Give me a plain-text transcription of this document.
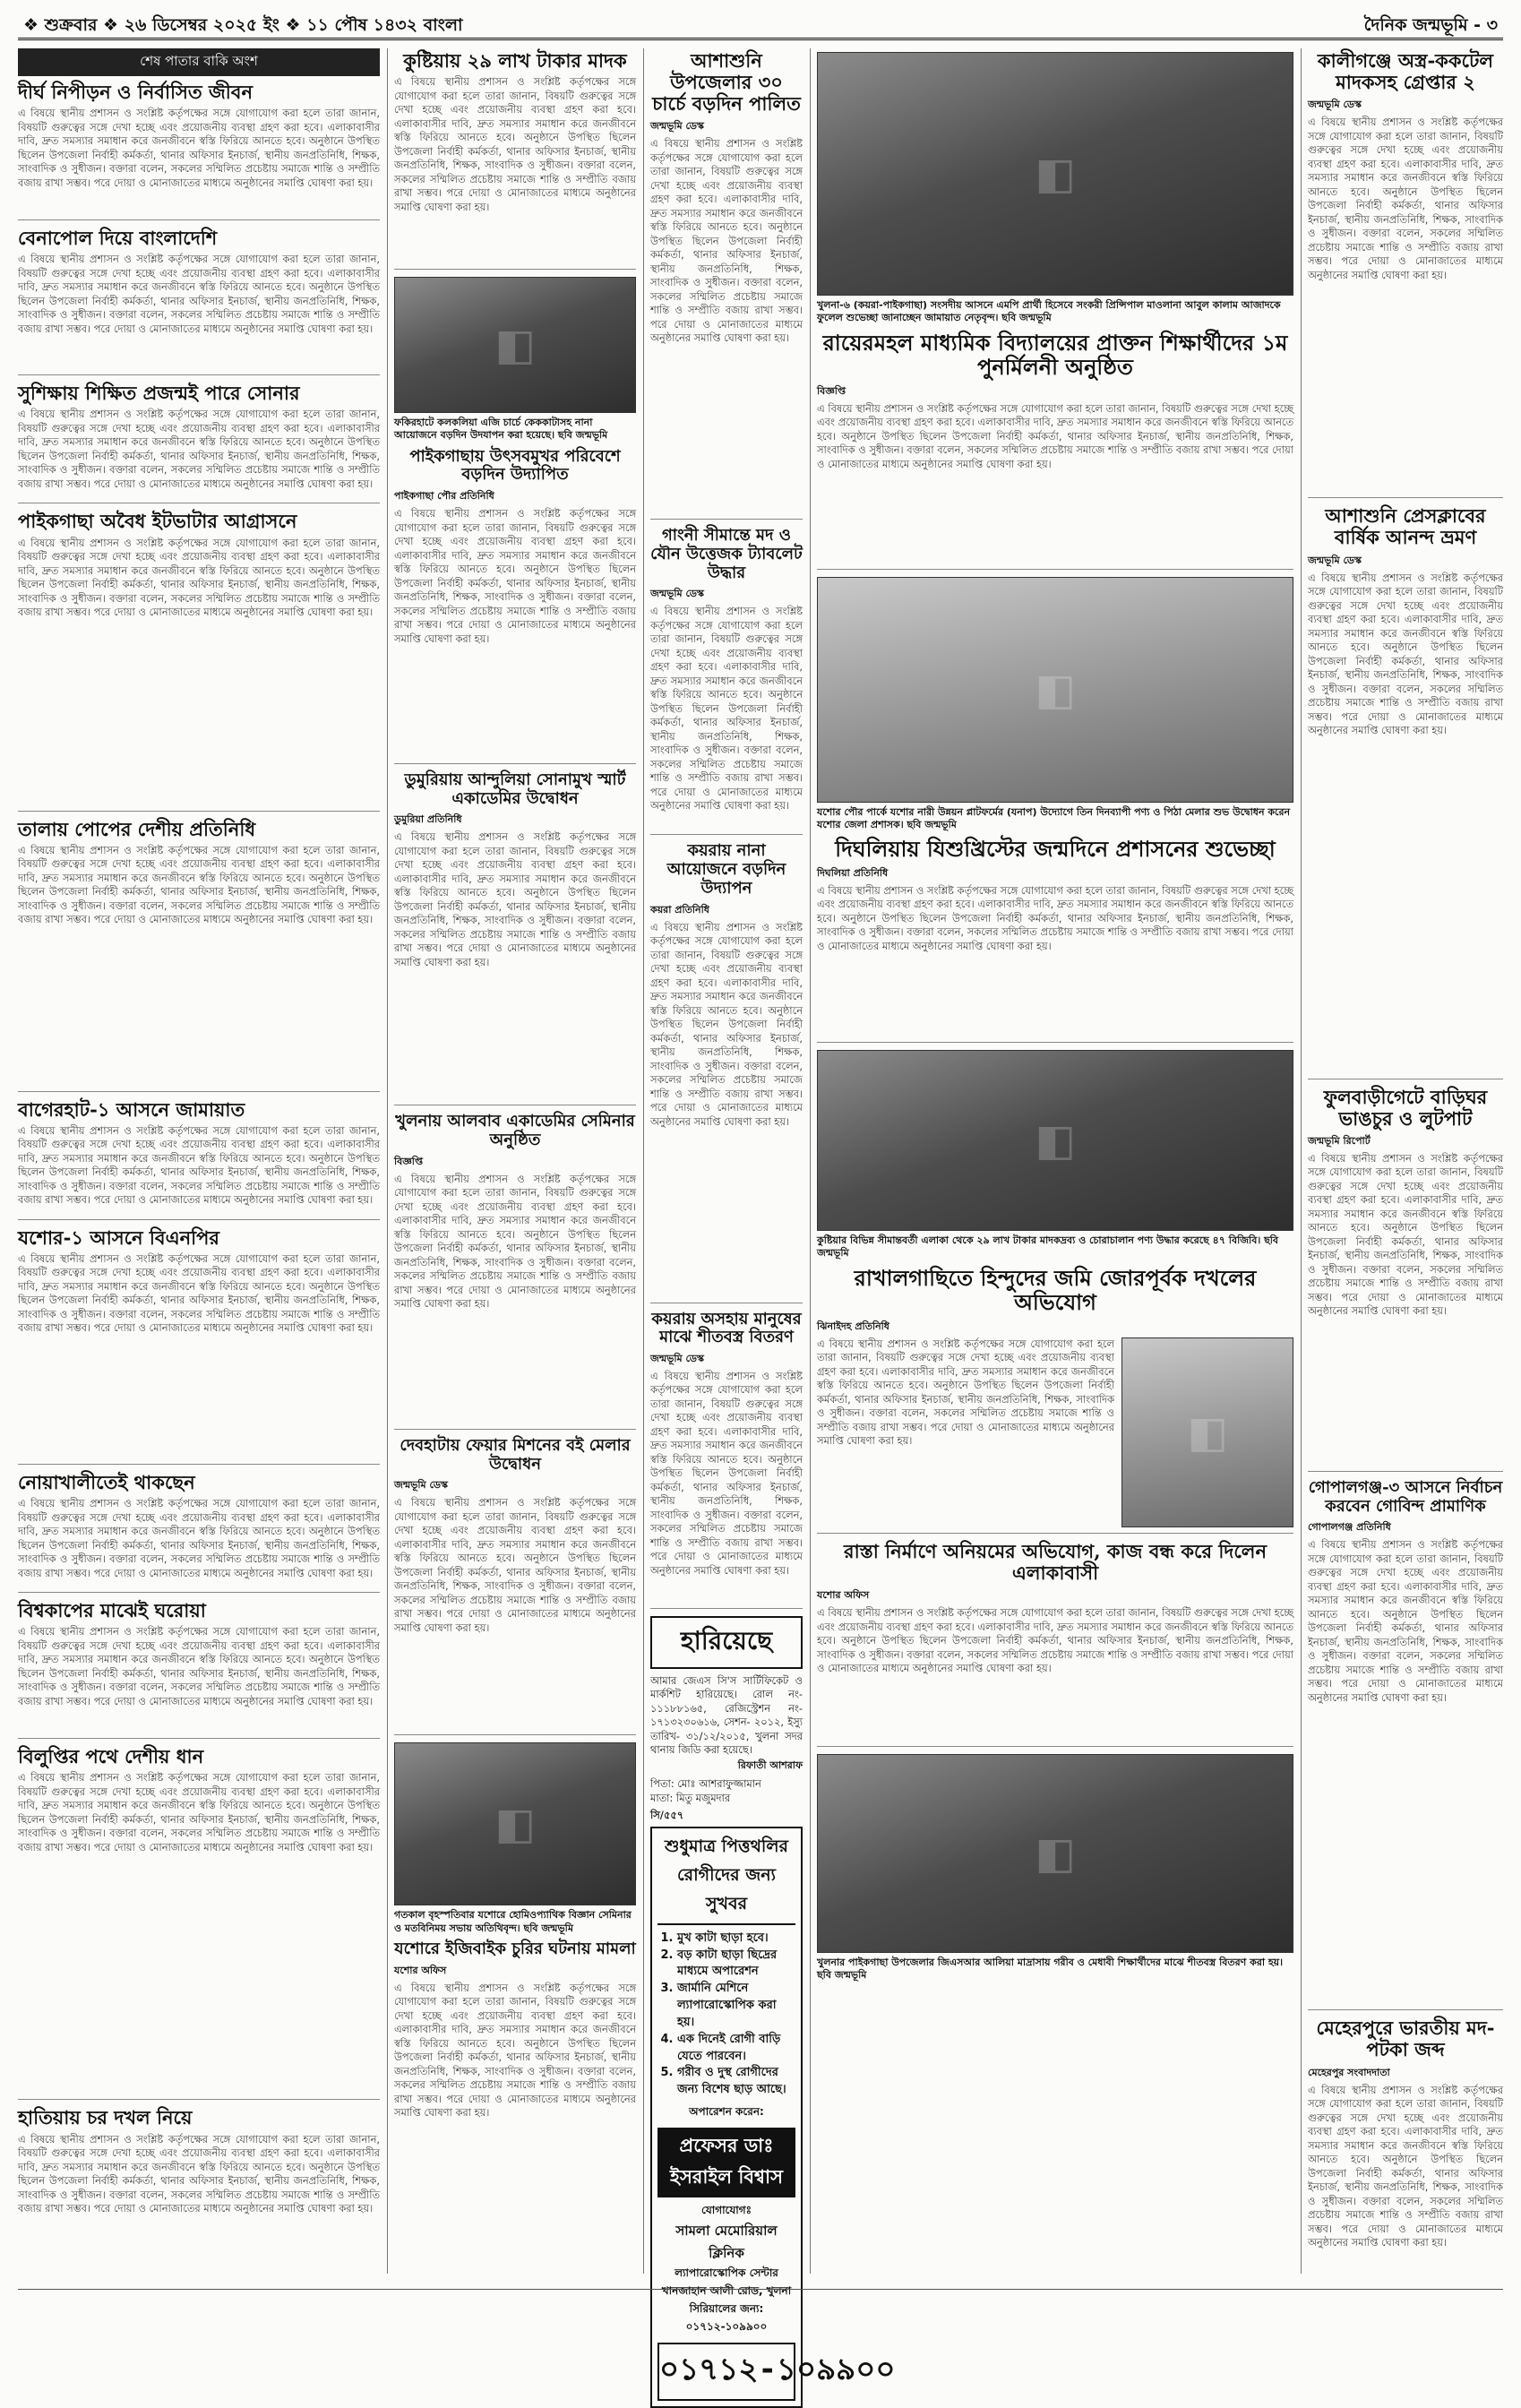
❖ শুক্রবার ❖ ২৬ ডিসেম্বর ২০২৫ ইং ❖ ১১ পৌষ ১৪৩২ বাংলা	দৈনিক জন্মভূমি - ৩
শেষ পাতার বাকি অংশ
দীর্ঘ নিপীড়ন ও নির্বাসিত জীবন
এ বিষয়ে স্থানীয় প্রশাসন ও সংশ্লিষ্ট কর্তৃপক্ষের সঙ্গে যোগাযোগ করা হলে তারা জানান, বিষয়টি গুরুত্বের সঙ্গে দেখা হচ্ছে এবং প্রয়োজনীয় ব্যবস্থা গ্রহণ করা হবে। এলাকাবাসীর দাবি, দ্রুত সমস্যার সমাধান করে জনজীবনে স্বস্তি ফিরিয়ে আনতে হবে। অনুষ্ঠানে উপস্থিত ছিলেন উপজেলা নির্বাহী কর্মকর্তা, থানার অফিসার ইনচার্জ, স্থানীয় জনপ্রতিনিধি, শিক্ষক, সাংবাদিক ও সুধীজন। বক্তারা বলেন, সকলের সম্মিলিত প্রচেষ্টায় সমাজে শান্তি ও সম্প্রীতি বজায় রাখা সম্ভব। পরে দোয়া ও মোনাজাতের মাধ্যমে অনুষ্ঠানের সমাপ্তি ঘোষণা করা হয়।
বেনাপোল দিয়ে বাংলাদেশি
এ বিষয়ে স্থানীয় প্রশাসন ও সংশ্লিষ্ট কর্তৃপক্ষের সঙ্গে যোগাযোগ করা হলে তারা জানান, বিষয়টি গুরুত্বের সঙ্গে দেখা হচ্ছে এবং প্রয়োজনীয় ব্যবস্থা গ্রহণ করা হবে। এলাকাবাসীর দাবি, দ্রুত সমস্যার সমাধান করে জনজীবনে স্বস্তি ফিরিয়ে আনতে হবে। অনুষ্ঠানে উপস্থিত ছিলেন উপজেলা নির্বাহী কর্মকর্তা, থানার অফিসার ইনচার্জ, স্থানীয় জনপ্রতিনিধি, শিক্ষক, সাংবাদিক ও সুধীজন। বক্তারা বলেন, সকলের সম্মিলিত প্রচেষ্টায় সমাজে শান্তি ও সম্প্রীতি বজায় রাখা সম্ভব। পরে দোয়া ও মোনাজাতের মাধ্যমে অনুষ্ঠানের সমাপ্তি ঘোষণা করা হয়।
সুশিক্ষায় শিক্ষিত প্রজন্মই পারে সোনার
এ বিষয়ে স্থানীয় প্রশাসন ও সংশ্লিষ্ট কর্তৃপক্ষের সঙ্গে যোগাযোগ করা হলে তারা জানান, বিষয়টি গুরুত্বের সঙ্গে দেখা হচ্ছে এবং প্রয়োজনীয় ব্যবস্থা গ্রহণ করা হবে। এলাকাবাসীর দাবি, দ্রুত সমস্যার সমাধান করে জনজীবনে স্বস্তি ফিরিয়ে আনতে হবে। অনুষ্ঠানে উপস্থিত ছিলেন উপজেলা নির্বাহী কর্মকর্তা, থানার অফিসার ইনচার্জ, স্থানীয় জনপ্রতিনিধি, শিক্ষক, সাংবাদিক ও সুধীজন। বক্তারা বলেন, সকলের সম্মিলিত প্রচেষ্টায় সমাজে শান্তি ও সম্প্রীতি বজায় রাখা সম্ভব। পরে দোয়া ও মোনাজাতের মাধ্যমে অনুষ্ঠানের সমাপ্তি ঘোষণা করা হয়।
পাইকগাছা অবৈধ ইটভাটার আগ্রাসনে
এ বিষয়ে স্থানীয় প্রশাসন ও সংশ্লিষ্ট কর্তৃপক্ষের সঙ্গে যোগাযোগ করা হলে তারা জানান, বিষয়টি গুরুত্বের সঙ্গে দেখা হচ্ছে এবং প্রয়োজনীয় ব্যবস্থা গ্রহণ করা হবে। এলাকাবাসীর দাবি, দ্রুত সমস্যার সমাধান করে জনজীবনে স্বস্তি ফিরিয়ে আনতে হবে। অনুষ্ঠানে উপস্থিত ছিলেন উপজেলা নির্বাহী কর্মকর্তা, থানার অফিসার ইনচার্জ, স্থানীয় জনপ্রতিনিধি, শিক্ষক, সাংবাদিক ও সুধীজন। বক্তারা বলেন, সকলের সম্মিলিত প্রচেষ্টায় সমাজে শান্তি ও সম্প্রীতি বজায় রাখা সম্ভব। পরে দোয়া ও মোনাজাতের মাধ্যমে অনুষ্ঠানের সমাপ্তি ঘোষণা করা হয়।
তালায় পোপের দেশীয় প্রতিনিধি
এ বিষয়ে স্থানীয় প্রশাসন ও সংশ্লিষ্ট কর্তৃপক্ষের সঙ্গে যোগাযোগ করা হলে তারা জানান, বিষয়টি গুরুত্বের সঙ্গে দেখা হচ্ছে এবং প্রয়োজনীয় ব্যবস্থা গ্রহণ করা হবে। এলাকাবাসীর দাবি, দ্রুত সমস্যার সমাধান করে জনজীবনে স্বস্তি ফিরিয়ে আনতে হবে। অনুষ্ঠানে উপস্থিত ছিলেন উপজেলা নির্বাহী কর্মকর্তা, থানার অফিসার ইনচার্জ, স্থানীয় জনপ্রতিনিধি, শিক্ষক, সাংবাদিক ও সুধীজন। বক্তারা বলেন, সকলের সম্মিলিত প্রচেষ্টায় সমাজে শান্তি ও সম্প্রীতি বজায় রাখা সম্ভব। পরে দোয়া ও মোনাজাতের মাধ্যমে অনুষ্ঠানের সমাপ্তি ঘোষণা করা হয়।
বাগেরহাট-১ আসনে জামায়াত
এ বিষয়ে স্থানীয় প্রশাসন ও সংশ্লিষ্ট কর্তৃপক্ষের সঙ্গে যোগাযোগ করা হলে তারা জানান, বিষয়টি গুরুত্বের সঙ্গে দেখা হচ্ছে এবং প্রয়োজনীয় ব্যবস্থা গ্রহণ করা হবে। এলাকাবাসীর দাবি, দ্রুত সমস্যার সমাধান করে জনজীবনে স্বস্তি ফিরিয়ে আনতে হবে। অনুষ্ঠানে উপস্থিত ছিলেন উপজেলা নির্বাহী কর্মকর্তা, থানার অফিসার ইনচার্জ, স্থানীয় জনপ্রতিনিধি, শিক্ষক, সাংবাদিক ও সুধীজন। বক্তারা বলেন, সকলের সম্মিলিত প্রচেষ্টায় সমাজে শান্তি ও সম্প্রীতি বজায় রাখা সম্ভব। পরে দোয়া ও মোনাজাতের মাধ্যমে অনুষ্ঠানের সমাপ্তি ঘোষণা করা হয়।
যশোর-১ আসনে বিএনপির
এ বিষয়ে স্থানীয় প্রশাসন ও সংশ্লিষ্ট কর্তৃপক্ষের সঙ্গে যোগাযোগ করা হলে তারা জানান, বিষয়টি গুরুত্বের সঙ্গে দেখা হচ্ছে এবং প্রয়োজনীয় ব্যবস্থা গ্রহণ করা হবে। এলাকাবাসীর দাবি, দ্রুত সমস্যার সমাধান করে জনজীবনে স্বস্তি ফিরিয়ে আনতে হবে। অনুষ্ঠানে উপস্থিত ছিলেন উপজেলা নির্বাহী কর্মকর্তা, থানার অফিসার ইনচার্জ, স্থানীয় জনপ্রতিনিধি, শিক্ষক, সাংবাদিক ও সুধীজন। বক্তারা বলেন, সকলের সম্মিলিত প্রচেষ্টায় সমাজে শান্তি ও সম্প্রীতি বজায় রাখা সম্ভব। পরে দোয়া ও মোনাজাতের মাধ্যমে অনুষ্ঠানের সমাপ্তি ঘোষণা করা হয়।
নোয়াখালীতেই থাকছেন
এ বিষয়ে স্থানীয় প্রশাসন ও সংশ্লিষ্ট কর্তৃপক্ষের সঙ্গে যোগাযোগ করা হলে তারা জানান, বিষয়টি গুরুত্বের সঙ্গে দেখা হচ্ছে এবং প্রয়োজনীয় ব্যবস্থা গ্রহণ করা হবে। এলাকাবাসীর দাবি, দ্রুত সমস্যার সমাধান করে জনজীবনে স্বস্তি ফিরিয়ে আনতে হবে। অনুষ্ঠানে উপস্থিত ছিলেন উপজেলা নির্বাহী কর্মকর্তা, থানার অফিসার ইনচার্জ, স্থানীয় জনপ্রতিনিধি, শিক্ষক, সাংবাদিক ও সুধীজন। বক্তারা বলেন, সকলের সম্মিলিত প্রচেষ্টায় সমাজে শান্তি ও সম্প্রীতি বজায় রাখা সম্ভব। পরে দোয়া ও মোনাজাতের মাধ্যমে অনুষ্ঠানের সমাপ্তি ঘোষণা করা হয়।
বিশ্বকাপের মাঝেই ঘরোয়া
এ বিষয়ে স্থানীয় প্রশাসন ও সংশ্লিষ্ট কর্তৃপক্ষের সঙ্গে যোগাযোগ করা হলে তারা জানান, বিষয়টি গুরুত্বের সঙ্গে দেখা হচ্ছে এবং প্রয়োজনীয় ব্যবস্থা গ্রহণ করা হবে। এলাকাবাসীর দাবি, দ্রুত সমস্যার সমাধান করে জনজীবনে স্বস্তি ফিরিয়ে আনতে হবে। অনুষ্ঠানে উপস্থিত ছিলেন উপজেলা নির্বাহী কর্মকর্তা, থানার অফিসার ইনচার্জ, স্থানীয় জনপ্রতিনিধি, শিক্ষক, সাংবাদিক ও সুধীজন। বক্তারা বলেন, সকলের সম্মিলিত প্রচেষ্টায় সমাজে শান্তি ও সম্প্রীতি বজায় রাখা সম্ভব। পরে দোয়া ও মোনাজাতের মাধ্যমে অনুষ্ঠানের সমাপ্তি ঘোষণা করা হয়।
বিলুপ্তির পথে দেশীয় ধান
এ বিষয়ে স্থানীয় প্রশাসন ও সংশ্লিষ্ট কর্তৃপক্ষের সঙ্গে যোগাযোগ করা হলে তারা জানান, বিষয়টি গুরুত্বের সঙ্গে দেখা হচ্ছে এবং প্রয়োজনীয় ব্যবস্থা গ্রহণ করা হবে। এলাকাবাসীর দাবি, দ্রুত সমস্যার সমাধান করে জনজীবনে স্বস্তি ফিরিয়ে আনতে হবে। অনুষ্ঠানে উপস্থিত ছিলেন উপজেলা নির্বাহী কর্মকর্তা, থানার অফিসার ইনচার্জ, স্থানীয় জনপ্রতিনিধি, শিক্ষক, সাংবাদিক ও সুধীজন। বক্তারা বলেন, সকলের সম্মিলিত প্রচেষ্টায় সমাজে শান্তি ও সম্প্রীতি বজায় রাখা সম্ভব। পরে দোয়া ও মোনাজাতের মাধ্যমে অনুষ্ঠানের সমাপ্তি ঘোষণা করা হয়।
হাতিয়ায় চর দখল নিয়ে
এ বিষয়ে স্থানীয় প্রশাসন ও সংশ্লিষ্ট কর্তৃপক্ষের সঙ্গে যোগাযোগ করা হলে তারা জানান, বিষয়টি গুরুত্বের সঙ্গে দেখা হচ্ছে এবং প্রয়োজনীয় ব্যবস্থা গ্রহণ করা হবে। এলাকাবাসীর দাবি, দ্রুত সমস্যার সমাধান করে জনজীবনে স্বস্তি ফিরিয়ে আনতে হবে। অনুষ্ঠানে উপস্থিত ছিলেন উপজেলা নির্বাহী কর্মকর্তা, থানার অফিসার ইনচার্জ, স্থানীয় জনপ্রতিনিধি, শিক্ষক, সাংবাদিক ও সুধীজন। বক্তারা বলেন, সকলের সম্মিলিত প্রচেষ্টায় সমাজে শান্তি ও সম্প্রীতি বজায় রাখা সম্ভব। পরে দোয়া ও মোনাজাতের মাধ্যমে অনুষ্ঠানের সমাপ্তি ঘোষণা করা হয়।
কুষ্টিয়ায় ২৯ লাখ টাকার মাদক
এ বিষয়ে স্থানীয় প্রশাসন ও সংশ্লিষ্ট কর্তৃপক্ষের সঙ্গে যোগাযোগ করা হলে তারা জানান, বিষয়টি গুরুত্বের সঙ্গে দেখা হচ্ছে এবং প্রয়োজনীয় ব্যবস্থা গ্রহণ করা হবে। এলাকাবাসীর দাবি, দ্রুত সমস্যার সমাধান করে জনজীবনে স্বস্তি ফিরিয়ে আনতে হবে। অনুষ্ঠানে উপস্থিত ছিলেন উপজেলা নির্বাহী কর্মকর্তা, থানার অফিসার ইনচার্জ, স্থানীয় জনপ্রতিনিধি, শিক্ষক, সাংবাদিক ও সুধীজন। বক্তারা বলেন, সকলের সম্মিলিত প্রচেষ্টায় সমাজে শান্তি ও সম্প্রীতি বজায় রাখা সম্ভব। পরে দোয়া ও মোনাজাতের মাধ্যমে অনুষ্ঠানের সমাপ্তি ঘোষণা করা হয়।
◧
ফকিরহাটে কলকলিয়া এজি চার্চে কেককাটাসহ নানা আয়োজনে বড়দিন উদযাপন করা হয়েছে। ছবি জন্মভূমি
পাইকগাছায় উৎসবমুখর পরিবেশে বড়দিন উদ্যাপিত
পাইকগাছা পৌর প্রতিনিধি
এ বিষয়ে স্থানীয় প্রশাসন ও সংশ্লিষ্ট কর্তৃপক্ষের সঙ্গে যোগাযোগ করা হলে তারা জানান, বিষয়টি গুরুত্বের সঙ্গে দেখা হচ্ছে এবং প্রয়োজনীয় ব্যবস্থা গ্রহণ করা হবে। এলাকাবাসীর দাবি, দ্রুত সমস্যার সমাধান করে জনজীবনে স্বস্তি ফিরিয়ে আনতে হবে। অনুষ্ঠানে উপস্থিত ছিলেন উপজেলা নির্বাহী কর্মকর্তা, থানার অফিসার ইনচার্জ, স্থানীয় জনপ্রতিনিধি, শিক্ষক, সাংবাদিক ও সুধীজন। বক্তারা বলেন, সকলের সম্মিলিত প্রচেষ্টায় সমাজে শান্তি ও সম্প্রীতি বজায় রাখা সম্ভব। পরে দোয়া ও মোনাজাতের মাধ্যমে অনুষ্ঠানের সমাপ্তি ঘোষণা করা হয়।
ডুমুরিয়ায় আন্দুলিয়া সোনামুখ স্মার্ট একাডেমির উদ্বোধন
ডুমুরিয়া প্রতিনিধি
এ বিষয়ে স্থানীয় প্রশাসন ও সংশ্লিষ্ট কর্তৃপক্ষের সঙ্গে যোগাযোগ করা হলে তারা জানান, বিষয়টি গুরুত্বের সঙ্গে দেখা হচ্ছে এবং প্রয়োজনীয় ব্যবস্থা গ্রহণ করা হবে। এলাকাবাসীর দাবি, দ্রুত সমস্যার সমাধান করে জনজীবনে স্বস্তি ফিরিয়ে আনতে হবে। অনুষ্ঠানে উপস্থিত ছিলেন উপজেলা নির্বাহী কর্মকর্তা, থানার অফিসার ইনচার্জ, স্থানীয় জনপ্রতিনিধি, শিক্ষক, সাংবাদিক ও সুধীজন। বক্তারা বলেন, সকলের সম্মিলিত প্রচেষ্টায় সমাজে শান্তি ও সম্প্রীতি বজায় রাখা সম্ভব। পরে দোয়া ও মোনাজাতের মাধ্যমে অনুষ্ঠানের সমাপ্তি ঘোষণা করা হয়।
খুলনায় আলবাব একাডেমির সেমিনার অনুষ্ঠিত
বিজ্ঞপ্তি
এ বিষয়ে স্থানীয় প্রশাসন ও সংশ্লিষ্ট কর্তৃপক্ষের সঙ্গে যোগাযোগ করা হলে তারা জানান, বিষয়টি গুরুত্বের সঙ্গে দেখা হচ্ছে এবং প্রয়োজনীয় ব্যবস্থা গ্রহণ করা হবে। এলাকাবাসীর দাবি, দ্রুত সমস্যার সমাধান করে জনজীবনে স্বস্তি ফিরিয়ে আনতে হবে। অনুষ্ঠানে উপস্থিত ছিলেন উপজেলা নির্বাহী কর্মকর্তা, থানার অফিসার ইনচার্জ, স্থানীয় জনপ্রতিনিধি, শিক্ষক, সাংবাদিক ও সুধীজন। বক্তারা বলেন, সকলের সম্মিলিত প্রচেষ্টায় সমাজে শান্তি ও সম্প্রীতি বজায় রাখা সম্ভব। পরে দোয়া ও মোনাজাতের মাধ্যমে অনুষ্ঠানের সমাপ্তি ঘোষণা করা হয়।
দেবহাটায় ফেয়ার মিশনের বই মেলার উদ্বোধন
জন্মভূমি ডেস্ক
এ বিষয়ে স্থানীয় প্রশাসন ও সংশ্লিষ্ট কর্তৃপক্ষের সঙ্গে যোগাযোগ করা হলে তারা জানান, বিষয়টি গুরুত্বের সঙ্গে দেখা হচ্ছে এবং প্রয়োজনীয় ব্যবস্থা গ্রহণ করা হবে। এলাকাবাসীর দাবি, দ্রুত সমস্যার সমাধান করে জনজীবনে স্বস্তি ফিরিয়ে আনতে হবে। অনুষ্ঠানে উপস্থিত ছিলেন উপজেলা নির্বাহী কর্মকর্তা, থানার অফিসার ইনচার্জ, স্থানীয় জনপ্রতিনিধি, শিক্ষক, সাংবাদিক ও সুধীজন। বক্তারা বলেন, সকলের সম্মিলিত প্রচেষ্টায় সমাজে শান্তি ও সম্প্রীতি বজায় রাখা সম্ভব। পরে দোয়া ও মোনাজাতের মাধ্যমে অনুষ্ঠানের সমাপ্তি ঘোষণা করা হয়।
◧
গতকাল বৃহস্পতিবার যশোরে হোমিওপ্যাথিক বিজ্ঞান সেমিনার ও মতবিনিময় সভায় অতিথিবৃন্দ। ছবি জন্মভূমি
যশোরে ইজিবাইক চুরির ঘটনায় মামলা
যশোর অফিস
এ বিষয়ে স্থানীয় প্রশাসন ও সংশ্লিষ্ট কর্তৃপক্ষের সঙ্গে যোগাযোগ করা হলে তারা জানান, বিষয়টি গুরুত্বের সঙ্গে দেখা হচ্ছে এবং প্রয়োজনীয় ব্যবস্থা গ্রহণ করা হবে। এলাকাবাসীর দাবি, দ্রুত সমস্যার সমাধান করে জনজীবনে স্বস্তি ফিরিয়ে আনতে হবে। অনুষ্ঠানে উপস্থিত ছিলেন উপজেলা নির্বাহী কর্মকর্তা, থানার অফিসার ইনচার্জ, স্থানীয় জনপ্রতিনিধি, শিক্ষক, সাংবাদিক ও সুধীজন। বক্তারা বলেন, সকলের সম্মিলিত প্রচেষ্টায় সমাজে শান্তি ও সম্প্রীতি বজায় রাখা সম্ভব। পরে দোয়া ও মোনাজাতের মাধ্যমে অনুষ্ঠানের সমাপ্তি ঘোষণা করা হয়।
আশাশুনি উপজেলার ৩০ চার্চে বড়দিন পালিত
জন্মভূমি ডেস্ক
এ বিষয়ে স্থানীয় প্রশাসন ও সংশ্লিষ্ট কর্তৃপক্ষের সঙ্গে যোগাযোগ করা হলে তারা জানান, বিষয়টি গুরুত্বের সঙ্গে দেখা হচ্ছে এবং প্রয়োজনীয় ব্যবস্থা গ্রহণ করা হবে। এলাকাবাসীর দাবি, দ্রুত সমস্যার সমাধান করে জনজীবনে স্বস্তি ফিরিয়ে আনতে হবে। অনুষ্ঠানে উপস্থিত ছিলেন উপজেলা নির্বাহী কর্মকর্তা, থানার অফিসার ইনচার্জ, স্থানীয় জনপ্রতিনিধি, শিক্ষক, সাংবাদিক ও সুধীজন। বক্তারা বলেন, সকলের সম্মিলিত প্রচেষ্টায় সমাজে শান্তি ও সম্প্রীতি বজায় রাখা সম্ভব। পরে দোয়া ও মোনাজাতের মাধ্যমে অনুষ্ঠানের সমাপ্তি ঘোষণা করা হয়।
গাংনী সীমান্তে মদ ও যৌন উত্তেজক ট্যাবলেট উদ্ধার
জন্মভূমি ডেস্ক
এ বিষয়ে স্থানীয় প্রশাসন ও সংশ্লিষ্ট কর্তৃপক্ষের সঙ্গে যোগাযোগ করা হলে তারা জানান, বিষয়টি গুরুত্বের সঙ্গে দেখা হচ্ছে এবং প্রয়োজনীয় ব্যবস্থা গ্রহণ করা হবে। এলাকাবাসীর দাবি, দ্রুত সমস্যার সমাধান করে জনজীবনে স্বস্তি ফিরিয়ে আনতে হবে। অনুষ্ঠানে উপস্থিত ছিলেন উপজেলা নির্বাহী কর্মকর্তা, থানার অফিসার ইনচার্জ, স্থানীয় জনপ্রতিনিধি, শিক্ষক, সাংবাদিক ও সুধীজন। বক্তারা বলেন, সকলের সম্মিলিত প্রচেষ্টায় সমাজে শান্তি ও সম্প্রীতি বজায় রাখা সম্ভব। পরে দোয়া ও মোনাজাতের মাধ্যমে অনুষ্ঠানের সমাপ্তি ঘোষণা করা হয়।
কয়রায় নানা আয়োজনে বড়দিন উদ্যাপন
কয়রা প্রতিনিধি
এ বিষয়ে স্থানীয় প্রশাসন ও সংশ্লিষ্ট কর্তৃপক্ষের সঙ্গে যোগাযোগ করা হলে তারা জানান, বিষয়টি গুরুত্বের সঙ্গে দেখা হচ্ছে এবং প্রয়োজনীয় ব্যবস্থা গ্রহণ করা হবে। এলাকাবাসীর দাবি, দ্রুত সমস্যার সমাধান করে জনজীবনে স্বস্তি ফিরিয়ে আনতে হবে। অনুষ্ঠানে উপস্থিত ছিলেন উপজেলা নির্বাহী কর্মকর্তা, থানার অফিসার ইনচার্জ, স্থানীয় জনপ্রতিনিধি, শিক্ষক, সাংবাদিক ও সুধীজন। বক্তারা বলেন, সকলের সম্মিলিত প্রচেষ্টায় সমাজে শান্তি ও সম্প্রীতি বজায় রাখা সম্ভব। পরে দোয়া ও মোনাজাতের মাধ্যমে অনুষ্ঠানের সমাপ্তি ঘোষণা করা হয়।
কয়রায় অসহায় মানুষের মাঝে শীতবস্ত্র বিতরণ
জন্মভূমি ডেস্ক
এ বিষয়ে স্থানীয় প্রশাসন ও সংশ্লিষ্ট কর্তৃপক্ষের সঙ্গে যোগাযোগ করা হলে তারা জানান, বিষয়টি গুরুত্বের সঙ্গে দেখা হচ্ছে এবং প্রয়োজনীয় ব্যবস্থা গ্রহণ করা হবে। এলাকাবাসীর দাবি, দ্রুত সমস্যার সমাধান করে জনজীবনে স্বস্তি ফিরিয়ে আনতে হবে। অনুষ্ঠানে উপস্থিত ছিলেন উপজেলা নির্বাহী কর্মকর্তা, থানার অফিসার ইনচার্জ, স্থানীয় জনপ্রতিনিধি, শিক্ষক, সাংবাদিক ও সুধীজন। বক্তারা বলেন, সকলের সম্মিলিত প্রচেষ্টায় সমাজে শান্তি ও সম্প্রীতি বজায় রাখা সম্ভব। পরে দোয়া ও মোনাজাতের মাধ্যমে অনুষ্ঠানের সমাপ্তি ঘোষণা করা হয়।
হারিয়েছে
আমার জেএস সি'স সার্টিফিকেট ও মার্কশিট হারিয়েছে। রোল নং- ১১১৮৮১৬৫, রেজিস্ট্রেশন নং- ১৭১৩২৩০৬১৬, সেশন- ২০১২, ইস্যু তারিখ- ৩১/১২/২০১৫, খুলনা সদর থানায় জিডি করা হয়েছে।
রিফাতী আশরাফ
পিতা: মোঃ আশরাফুজ্জামান
মাতা: মিতু মজুমদার
সি/৫৫৭
শুধুমাত্র পিত্তথলির রোগীদের জন্য সুখবর
1. মুখ কাটা ছাড়া হবে।
2. বড় কাটা ছাড়া ছিদ্রের মাধ্যমে অপারেশন
3. জার্মানি মেশিনে ল্যাপারোস্কোপিক করা হয়।
4. এক দিনেই রোগী বাড়ি যেতে পারবেন।
5. গরীব ও দুস্থ রোগীদের জন্য বিশেষ ছাড় আছে।
অপারেশন করেন:
প্রফেসর ডাঃ ইসরাইল বিশ্বাস
যোগাযোগঃ
সামলা মেমোরিয়াল ক্লিনিক
ল্যাপারোস্কোপিক সেন্টার
খানজাহান আলী রোড, খুলনা
সিরিয়ালের জন্য: ০১৭১২-১০৯৯০০
০১৭১২-১০৯৯০০
◧
খুলনা-৬ (কয়রা-পাইকগাছা) সংসদীয় আসনে এমপি প্রার্থী হিসেবে সংকরী প্রিন্সিপাল মাওলানা আবুল কালাম আজাদকে ফুলেল শুভেচ্ছা জানাচ্ছেন জামায়াত নেতৃবৃন্দ। ছবি জন্মভূমি
রায়েরমহল মাধ্যমিক বিদ্যালয়ের প্রাক্তন শিক্ষার্থীদের ১ম পুনর্মিলনী অনুষ্ঠিত
বিজ্ঞপ্তি
এ বিষয়ে স্থানীয় প্রশাসন ও সংশ্লিষ্ট কর্তৃপক্ষের সঙ্গে যোগাযোগ করা হলে তারা জানান, বিষয়টি গুরুত্বের সঙ্গে দেখা হচ্ছে এবং প্রয়োজনীয় ব্যবস্থা গ্রহণ করা হবে। এলাকাবাসীর দাবি, দ্রুত সমস্যার সমাধান করে জনজীবনে স্বস্তি ফিরিয়ে আনতে হবে। অনুষ্ঠানে উপস্থিত ছিলেন উপজেলা নির্বাহী কর্মকর্তা, থানার অফিসার ইনচার্জ, স্থানীয় জনপ্রতিনিধি, শিক্ষক, সাংবাদিক ও সুধীজন। বক্তারা বলেন, সকলের সম্মিলিত প্রচেষ্টায় সমাজে শান্তি ও সম্প্রীতি বজায় রাখা সম্ভব। পরে দোয়া ও মোনাজাতের মাধ্যমে অনুষ্ঠানের সমাপ্তি ঘোষণা করা হয়।
◧
যশোর পৌর পার্কে যশোর নারী উন্নয়ন প্লাটফর্মের (যনাপ) উদ্যোগে তিন দিনব্যাপী পণ্য ও পিঠা মেলার শুভ উদ্বোধন করেন যশোর জেলা প্রশাসক। ছবি জন্মভূমি
দিঘলিয়ায় যিশুখ্রিস্টের জন্মদিনে প্রশাসনের শুভেচ্ছা
দিঘলিয়া প্রতিনিধি
এ বিষয়ে স্থানীয় প্রশাসন ও সংশ্লিষ্ট কর্তৃপক্ষের সঙ্গে যোগাযোগ করা হলে তারা জানান, বিষয়টি গুরুত্বের সঙ্গে দেখা হচ্ছে এবং প্রয়োজনীয় ব্যবস্থা গ্রহণ করা হবে। এলাকাবাসীর দাবি, দ্রুত সমস্যার সমাধান করে জনজীবনে স্বস্তি ফিরিয়ে আনতে হবে। অনুষ্ঠানে উপস্থিত ছিলেন উপজেলা নির্বাহী কর্মকর্তা, থানার অফিসার ইনচার্জ, স্থানীয় জনপ্রতিনিধি, শিক্ষক, সাংবাদিক ও সুধীজন। বক্তারা বলেন, সকলের সম্মিলিত প্রচেষ্টায় সমাজে শান্তি ও সম্প্রীতি বজায় রাখা সম্ভব। পরে দোয়া ও মোনাজাতের মাধ্যমে অনুষ্ঠানের সমাপ্তি ঘোষণা করা হয়।
◧
কুষ্টিয়ার বিভিন্ন সীমান্তবর্তী এলাকা থেকে ২৯ লাখ টাকার মাদকদ্রব্য ও চোরাচালান পণ্য উদ্ধার করেছে ৪৭ বিজিবি। ছবি জন্মভূমি
রাখালগাছিতে হিন্দুদের জমি জোরপূর্বক দখলের অভিযোগ
ঝিনাইদহ প্রতিনিধি
এ বিষয়ে স্থানীয় প্রশাসন ও সংশ্লিষ্ট কর্তৃপক্ষের সঙ্গে যোগাযোগ করা হলে তারা জানান, বিষয়টি গুরুত্বের সঙ্গে দেখা হচ্ছে এবং প্রয়োজনীয় ব্যবস্থা গ্রহণ করা হবে। এলাকাবাসীর দাবি, দ্রুত সমস্যার সমাধান করে জনজীবনে স্বস্তি ফিরিয়ে আনতে হবে। অনুষ্ঠানে উপস্থিত ছিলেন উপজেলা নির্বাহী কর্মকর্তা, থানার অফিসার ইনচার্জ, স্থানীয় জনপ্রতিনিধি, শিক্ষক, সাংবাদিক ও সুধীজন। বক্তারা বলেন, সকলের সম্মিলিত প্রচেষ্টায় সমাজে শান্তি ও সম্প্রীতি বজায় রাখা সম্ভব। পরে দোয়া ও মোনাজাতের মাধ্যমে অনুষ্ঠানের সমাপ্তি ঘোষণা করা হয়।	◧
রাস্তা নির্মাণে অনিয়মের অভিযোগ, কাজ বন্ধ করে দিলেন এলাকাবাসী
যশোর অফিস
এ বিষয়ে স্থানীয় প্রশাসন ও সংশ্লিষ্ট কর্তৃপক্ষের সঙ্গে যোগাযোগ করা হলে তারা জানান, বিষয়টি গুরুত্বের সঙ্গে দেখা হচ্ছে এবং প্রয়োজনীয় ব্যবস্থা গ্রহণ করা হবে। এলাকাবাসীর দাবি, দ্রুত সমস্যার সমাধান করে জনজীবনে স্বস্তি ফিরিয়ে আনতে হবে। অনুষ্ঠানে উপস্থিত ছিলেন উপজেলা নির্বাহী কর্মকর্তা, থানার অফিসার ইনচার্জ, স্থানীয় জনপ্রতিনিধি, শিক্ষক, সাংবাদিক ও সুধীজন। বক্তারা বলেন, সকলের সম্মিলিত প্রচেষ্টায় সমাজে শান্তি ও সম্প্রীতি বজায় রাখা সম্ভব। পরে দোয়া ও মোনাজাতের মাধ্যমে অনুষ্ঠানের সমাপ্তি ঘোষণা করা হয়।
◧
খুলনার পাইকগাছা উপজেলার জিএসআর আলিয়া মাদ্রাসায় গরীব ও মেধাবী শিক্ষার্থীদের মাঝে শীতবস্ত্র বিতরণ করা হয়। ছবি জন্মভূমি
কালীগঞ্জে অস্ত্র-ককটেল মাদকসহ গ্রেপ্তার ২
জন্মভূমি ডেস্ক
এ বিষয়ে স্থানীয় প্রশাসন ও সংশ্লিষ্ট কর্তৃপক্ষের সঙ্গে যোগাযোগ করা হলে তারা জানান, বিষয়টি গুরুত্বের সঙ্গে দেখা হচ্ছে এবং প্রয়োজনীয় ব্যবস্থা গ্রহণ করা হবে। এলাকাবাসীর দাবি, দ্রুত সমস্যার সমাধান করে জনজীবনে স্বস্তি ফিরিয়ে আনতে হবে। অনুষ্ঠানে উপস্থিত ছিলেন উপজেলা নির্বাহী কর্মকর্তা, থানার অফিসার ইনচার্জ, স্থানীয় জনপ্রতিনিধি, শিক্ষক, সাংবাদিক ও সুধীজন। বক্তারা বলেন, সকলের সম্মিলিত প্রচেষ্টায় সমাজে শান্তি ও সম্প্রীতি বজায় রাখা সম্ভব। পরে দোয়া ও মোনাজাতের মাধ্যমে অনুষ্ঠানের সমাপ্তি ঘোষণা করা হয়।
আশাশুনি প্রেসক্লাবের বার্ষিক আনন্দ ভ্রমণ
জন্মভূমি ডেস্ক
এ বিষয়ে স্থানীয় প্রশাসন ও সংশ্লিষ্ট কর্তৃপক্ষের সঙ্গে যোগাযোগ করা হলে তারা জানান, বিষয়টি গুরুত্বের সঙ্গে দেখা হচ্ছে এবং প্রয়োজনীয় ব্যবস্থা গ্রহণ করা হবে। এলাকাবাসীর দাবি, দ্রুত সমস্যার সমাধান করে জনজীবনে স্বস্তি ফিরিয়ে আনতে হবে। অনুষ্ঠানে উপস্থিত ছিলেন উপজেলা নির্বাহী কর্মকর্তা, থানার অফিসার ইনচার্জ, স্থানীয় জনপ্রতিনিধি, শিক্ষক, সাংবাদিক ও সুধীজন। বক্তারা বলেন, সকলের সম্মিলিত প্রচেষ্টায় সমাজে শান্তি ও সম্প্রীতি বজায় রাখা সম্ভব। পরে দোয়া ও মোনাজাতের মাধ্যমে অনুষ্ঠানের সমাপ্তি ঘোষণা করা হয়।
ফুলবাড়ীগেটে বাড়িঘর ভাঙচুর ও লুটপাট
জন্মভূমি রিপোর্ট
এ বিষয়ে স্থানীয় প্রশাসন ও সংশ্লিষ্ট কর্তৃপক্ষের সঙ্গে যোগাযোগ করা হলে তারা জানান, বিষয়টি গুরুত্বের সঙ্গে দেখা হচ্ছে এবং প্রয়োজনীয় ব্যবস্থা গ্রহণ করা হবে। এলাকাবাসীর দাবি, দ্রুত সমস্যার সমাধান করে জনজীবনে স্বস্তি ফিরিয়ে আনতে হবে। অনুষ্ঠানে উপস্থিত ছিলেন উপজেলা নির্বাহী কর্মকর্তা, থানার অফিসার ইনচার্জ, স্থানীয় জনপ্রতিনিধি, শিক্ষক, সাংবাদিক ও সুধীজন। বক্তারা বলেন, সকলের সম্মিলিত প্রচেষ্টায় সমাজে শান্তি ও সম্প্রীতি বজায় রাখা সম্ভব। পরে দোয়া ও মোনাজাতের মাধ্যমে অনুষ্ঠানের সমাপ্তি ঘোষণা করা হয়।
গোপালগঞ্জ-৩ আসনে নির্বাচন করবেন গোবিন্দ প্রামাণিক
গোপালগঞ্জ প্রতিনিধি
এ বিষয়ে স্থানীয় প্রশাসন ও সংশ্লিষ্ট কর্তৃপক্ষের সঙ্গে যোগাযোগ করা হলে তারা জানান, বিষয়টি গুরুত্বের সঙ্গে দেখা হচ্ছে এবং প্রয়োজনীয় ব্যবস্থা গ্রহণ করা হবে। এলাকাবাসীর দাবি, দ্রুত সমস্যার সমাধান করে জনজীবনে স্বস্তি ফিরিয়ে আনতে হবে। অনুষ্ঠানে উপস্থিত ছিলেন উপজেলা নির্বাহী কর্মকর্তা, থানার অফিসার ইনচার্জ, স্থানীয় জনপ্রতিনিধি, শিক্ষক, সাংবাদিক ও সুধীজন। বক্তারা বলেন, সকলের সম্মিলিত প্রচেষ্টায় সমাজে শান্তি ও সম্প্রীতি বজায় রাখা সম্ভব। পরে দোয়া ও মোনাজাতের মাধ্যমে অনুষ্ঠানের সমাপ্তি ঘোষণা করা হয়।
মেহেরপুরে ভারতীয় মদ-পটকা জব্দ
মেহেরপুর সংবাদদাতা
এ বিষয়ে স্থানীয় প্রশাসন ও সংশ্লিষ্ট কর্তৃপক্ষের সঙ্গে যোগাযোগ করা হলে তারা জানান, বিষয়টি গুরুত্বের সঙ্গে দেখা হচ্ছে এবং প্রয়োজনীয় ব্যবস্থা গ্রহণ করা হবে। এলাকাবাসীর দাবি, দ্রুত সমস্যার সমাধান করে জনজীবনে স্বস্তি ফিরিয়ে আনতে হবে। অনুষ্ঠানে উপস্থিত ছিলেন উপজেলা নির্বাহী কর্মকর্তা, থানার অফিসার ইনচার্জ, স্থানীয় জনপ্রতিনিধি, শিক্ষক, সাংবাদিক ও সুধীজন। বক্তারা বলেন, সকলের সম্মিলিত প্রচেষ্টায় সমাজে শান্তি ও সম্প্রীতি বজায় রাখা সম্ভব। পরে দোয়া ও মোনাজাতের মাধ্যমে অনুষ্ঠানের সমাপ্তি ঘোষণা করা হয়।
